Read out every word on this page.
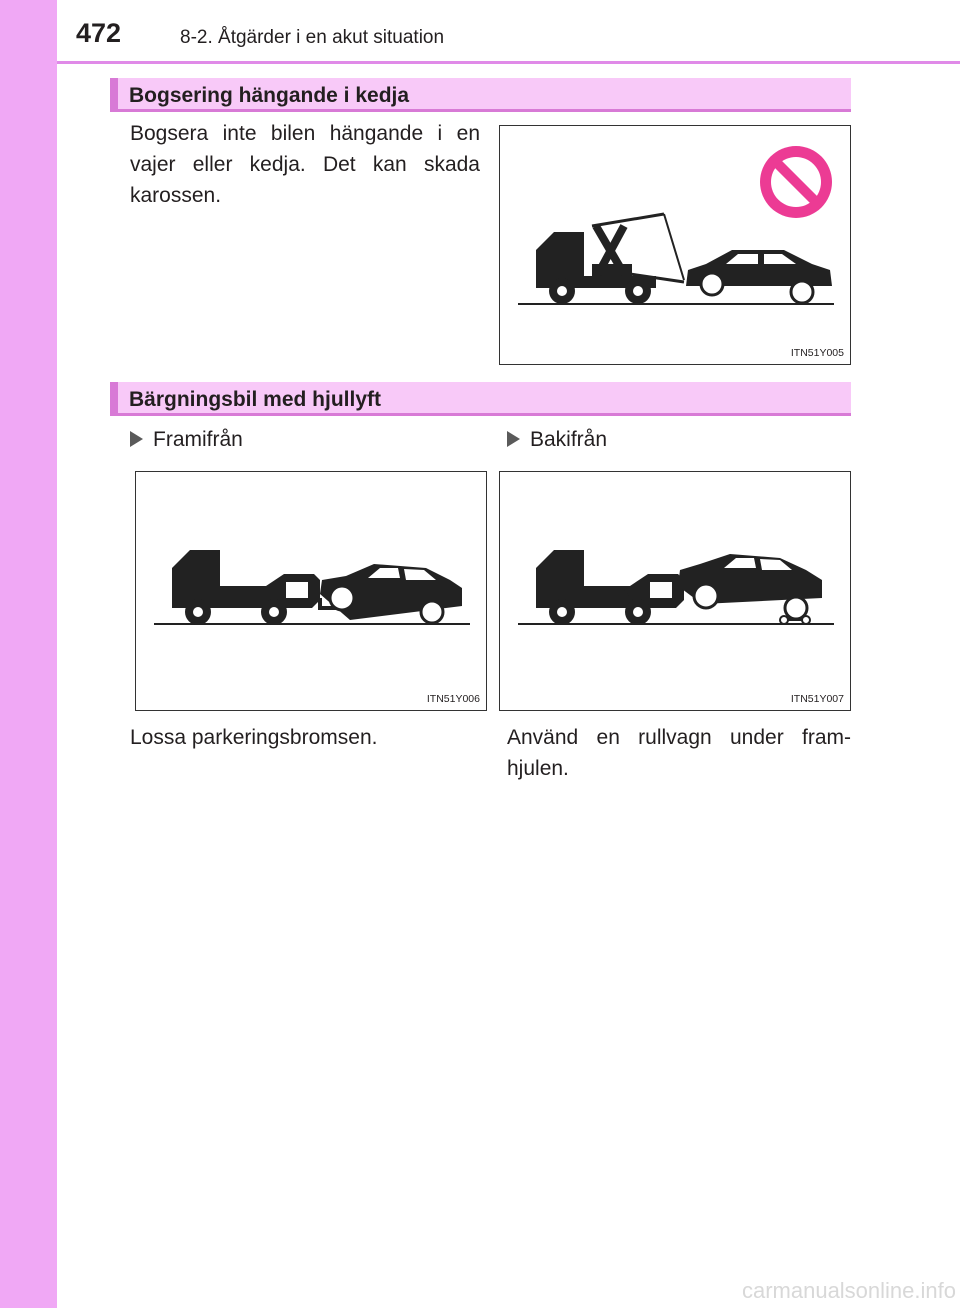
472	8-2. Åtgärder i en akut situation
Bogsering hängande i kedja
Bogsera inte bilen hängande i en
vajer eller kedja. Det kan skada
karossen.
ITN51Y005
Bärgningsbil med hjullyft
Framifrån	Bakifrån
ITN51Y006	ITN51Y007
Lossa parkeringsbromsen.	Använd en rullvagn under fram-
hjulen.
carmanualsonline.info
